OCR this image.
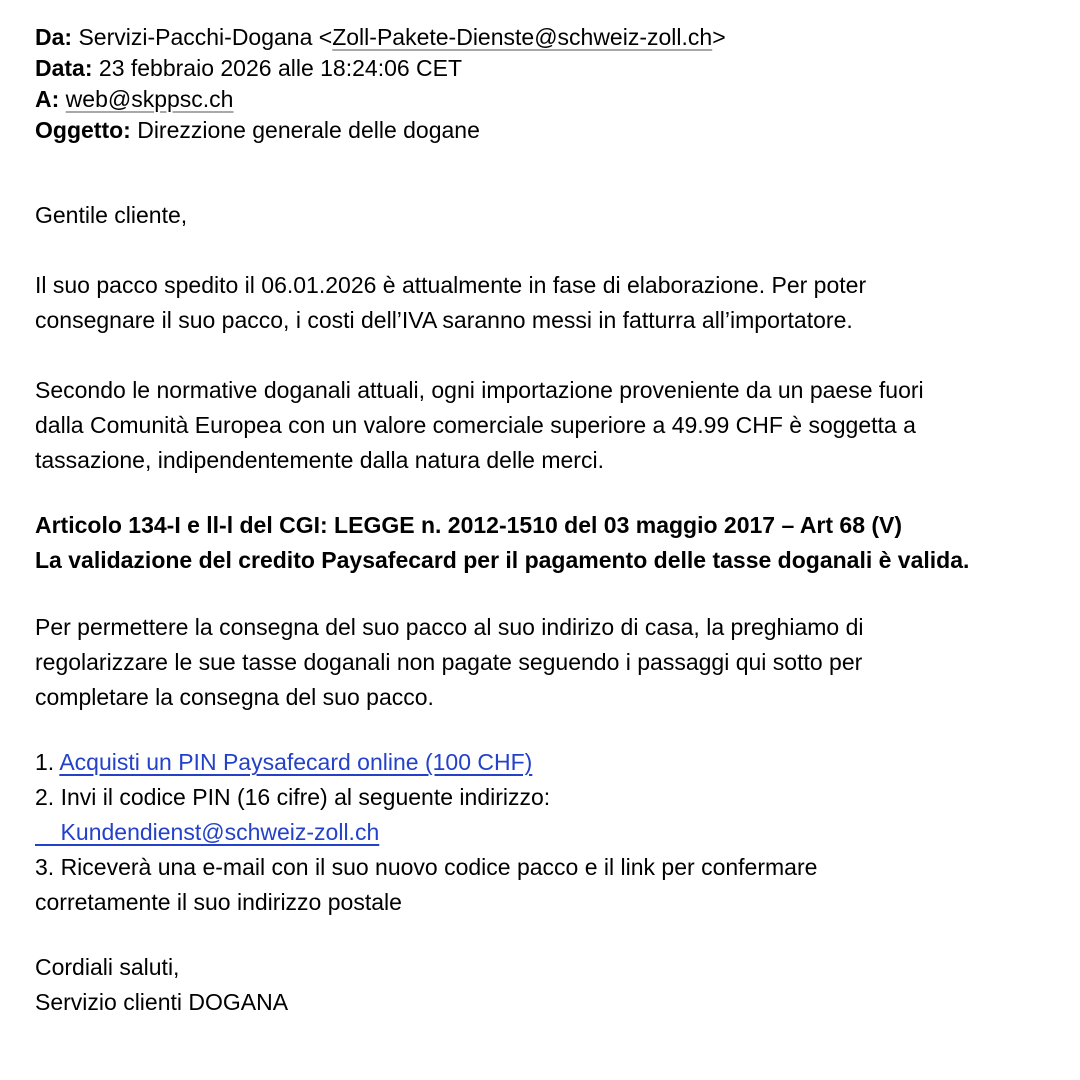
Da: Servizi-Pacchi-Dogana <Zoll-Pakete-Dienste@schweiz-zoll.ch>
Data: 23 febbraio 2026 alle 18:24:06 CET
A: web@skppsc.ch
Oggetto: Direzzione generale delle dogane
Gentile cliente,
Il suo pacco spedito il 06.01.2026 è attualmente in fase di elaborazione. Per poter
consegnare il suo pacco, i costi dell’IVA saranno messi in fatturra all’importatore.
Secondo le normative doganali attuali, ogni importazione proveniente da un paese fuori
dalla Comunità Europea con un valore comerciale superiore a 49.99 CHF è soggetta a
tassazione, indipendentemente dalla natura delle merci.
Articolo 134-I e ll-l del CGI: LEGGE n. 2012-1510 del 03 maggio 2017 – Art 68 (V)
La validazione del credito Paysafecard per il pagamento delle tasse doganali è valida.
Per permettere la consegna del suo pacco al suo indirizo di casa, la preghiamo di
regolarizzare le sue tasse doganali non pagate seguendo i passaggi qui sotto per
completare la consegna del suo pacco.
1. Acquisti un PIN Paysafecard online (100 CHF)
2. Invi il codice PIN (16 cifre) al seguente indirizzo:
Kundendienst@schweiz-zoll.ch
3. Riceverà una e-mail con il suo nuovo codice pacco e il link per confermare
corretamente il suo indirizzo postale
Cordiali saluti,
Servizio clienti DOGANA
